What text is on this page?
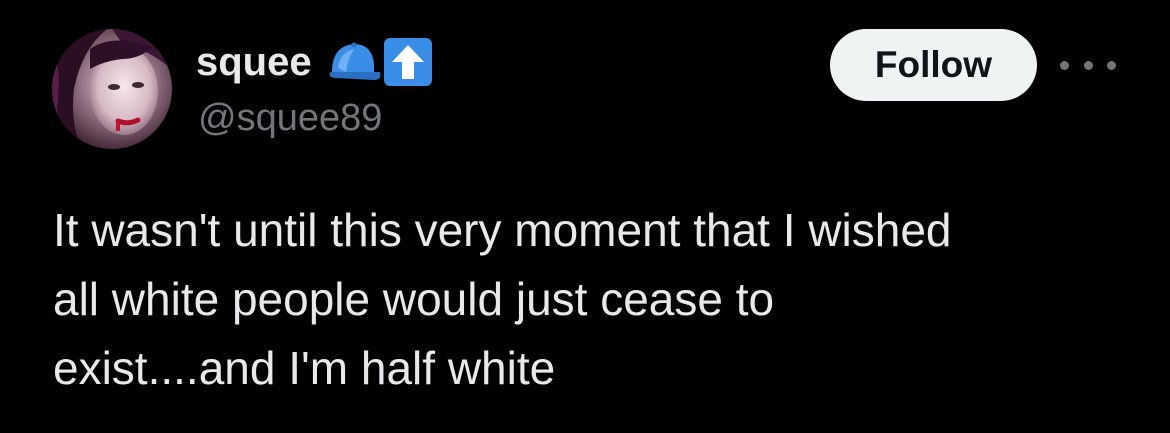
squee
@squee89
Follow

It wasn't until this very moment that I wished
all white people would just cease to
exist....and I'm half white
